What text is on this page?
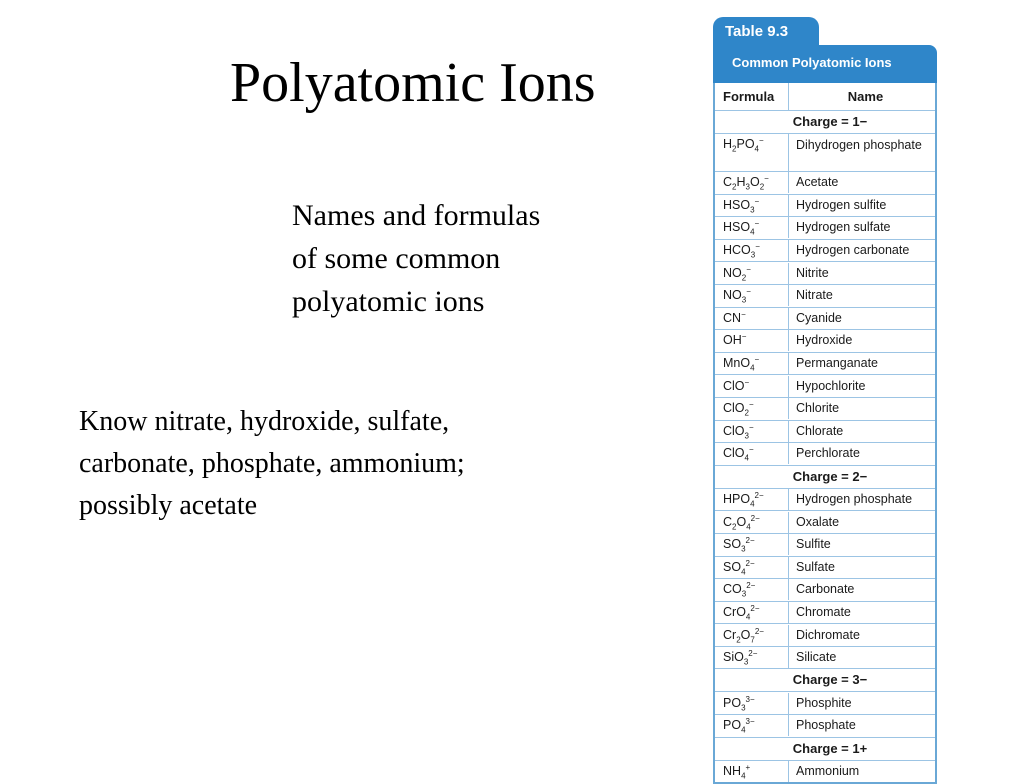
Polyatomic Ions
Names and formulas
of some common
polyatomic ions
Know nitrate, hydroxide, sulfate,
carbonate, phosphate, ammonium;
possibly acetate
Table 9.3
Common Polyatomic Ions
Formula	Name
Charge = 1−
$H_2PO_4^-$	Dihydrogen phosphate
$C_2H_3O_2^-$	Acetate
$HSO_3^-$	Hydrogen sulfite
$HSO_4^-$	Hydrogen sulfate
$HCO_3^-$	Hydrogen carbonate
$NO_2^-$	Nitrite
$NO_3^-$	Nitrate
CN−	Cyanide
OH−	Hydroxide
MnO$_4$−	Permanganate
ClO−	Hypochlorite
ClO$_2$−	Chlorite
ClO$_3$−	Chlorate
ClO$_4$−	Perchlorate
Charge = 2−
$HPO_4^{2-}$	Hydrogen phosphate
$C_2O_4^{2-}$	Oxalate
$SO_3^{2-}$	Sulfite
$SO_4^{2-}$	Sulfate
$CO_3^{2-}$	Carbonate
CrO$_4^{2-}$	Chromate
$Cr_2O_7^{2-}$	Dichromate
SiO$_3^{2-}$	Silicate
Charge = 3−
$PO_3^{3-}$	Phosphite
$PO_4^{3-}$	Phosphate
Charge = 1+
$NH_4^+$	Ammonium
